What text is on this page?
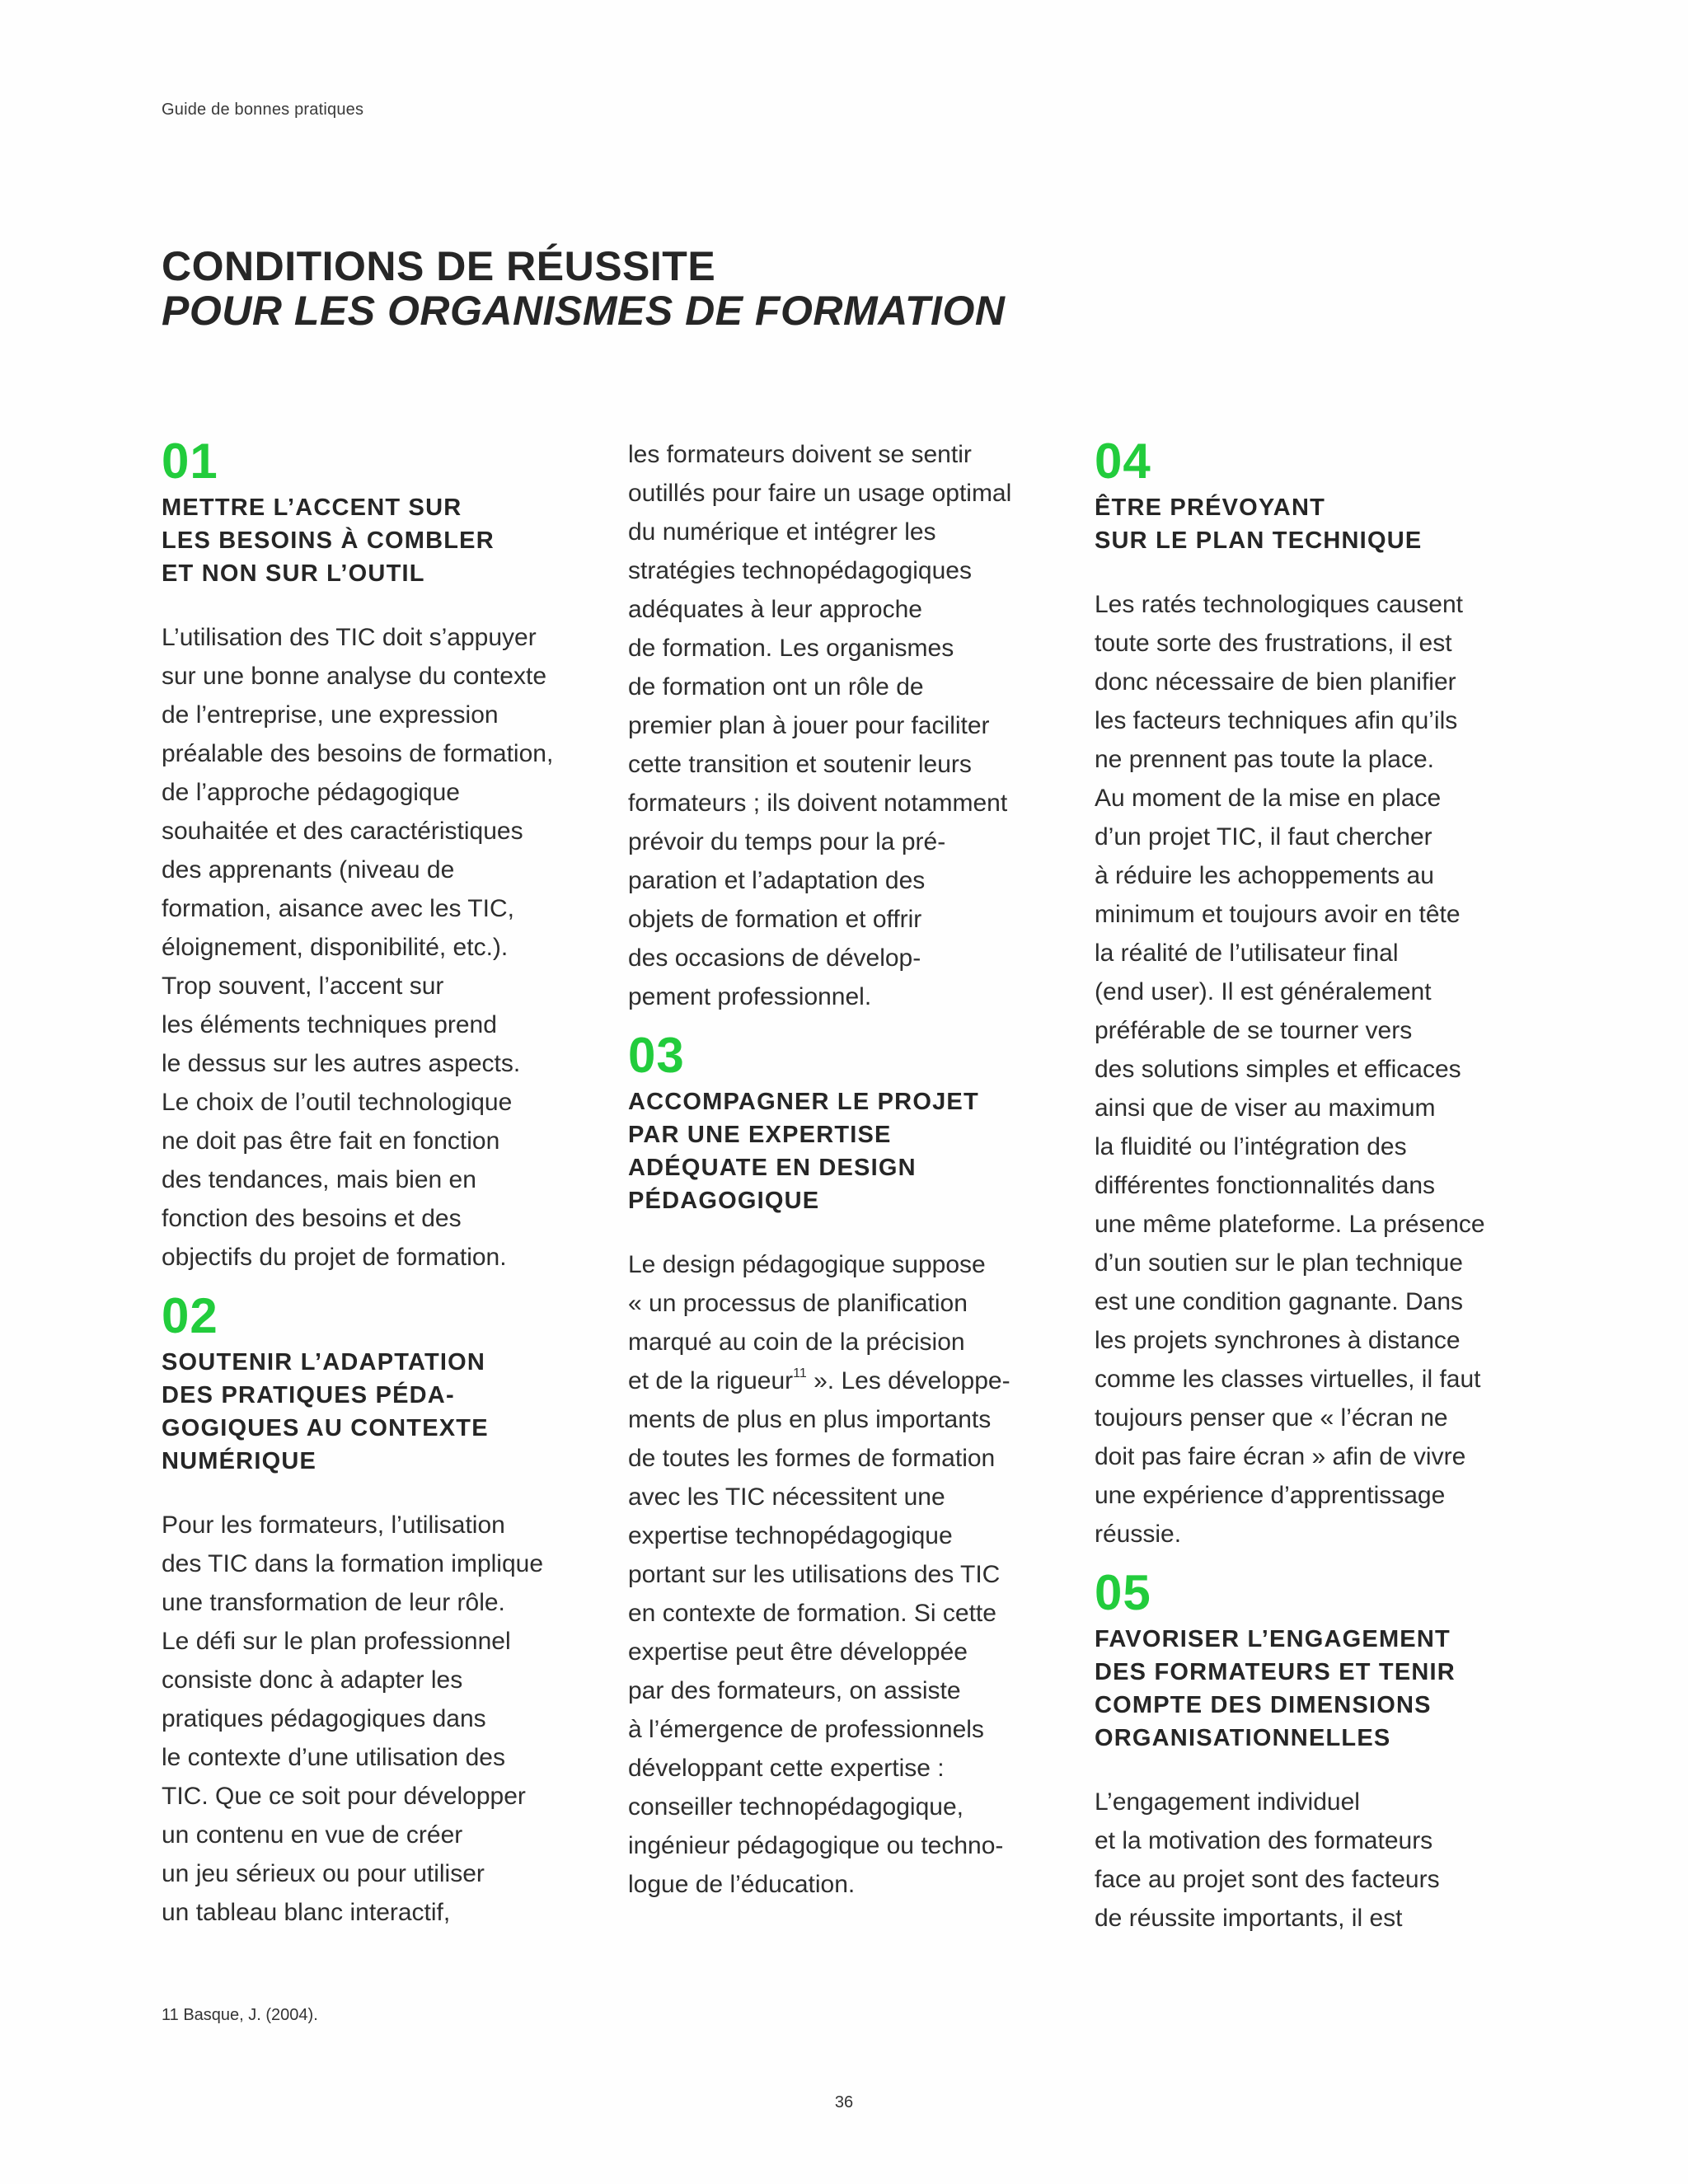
Guide de bonnes pratiques
CONDITIONS DE RÉUSSITE
POUR LES ORGANISMES DE FORMATION
01
METTRE L’ACCENT SUR
LES BESOINS À COMBLER
ET NON SUR L’OUTIL

L’utilisation des TIC doit s’appuyer
sur une bonne analyse du contexte
de l’entreprise, une expression
préalable des besoins de formation,
de l’approche pédagogique
souhaitée et des caractéristiques
des apprenants (niveau de
formation, aisance avec les TIC,
éloignement, disponibilité, etc.).
Trop souvent, l’accent sur
les éléments techniques prend
le dessus sur les autres aspects.
Le choix de l’outil technologique
ne doit pas être fait en fonction
des tendances, mais bien en
fonction des besoins et des
objectifs du projet de formation.

02
SOUTENIR L’ADAPTATION
DES PRATIQUES PÉDA-
GOGIQUES AU CONTEXTE
NUMÉRIQUE

Pour les formateurs, l’utilisation
des TIC dans la formation implique
une transformation de leur rôle.
Le défi sur le plan professionnel
consiste donc à adapter les
pratiques pédagogiques dans
le contexte d’une utilisation des
TIC. Que ce soit pour développer
un contenu en vue de créer
un jeu sérieux ou pour utiliser
un tableau blanc interactif,

les formateurs doivent se sentir
outillés pour faire un usage optimal
du numérique et intégrer les
stratégies technopédagogiques
adéquates à leur approche
de formation. Les organismes
de formation ont un rôle de
premier plan à jouer pour faciliter
cette transition et soutenir leurs
formateurs ; ils doivent notamment
prévoir du temps pour la pré-
paration et l’adaptation des
objets de formation et offrir
des occasions de dévelop-
pement professionnel.

03
ACCOMPAGNER LE PROJET
PAR UNE EXPERTISE
ADÉQUATE EN DESIGN
PÉDAGOGIQUE

Le design pédagogique suppose
« un processus de planification
marqué au coin de la précision
et de la rigueur$^{11}$ ». Les développe-
ments de plus en plus importants
de toutes les formes de formation
avec les TIC nécessitent une
expertise technopédagogique
portant sur les utilisations des TIC
en contexte de formation. Si cette
expertise peut être développée
par des formateurs, on assiste
à l’émergence de professionnels
développant cette expertise :
conseiller technopédagogique,
ingénieur pédagogique ou techno-
logue de l’éducation.

04
ÊTRE PRÉVOYANT
SUR LE PLAN TECHNIQUE

Les ratés technologiques causent
toute sorte des frustrations, il est
donc nécessaire de bien planifier
les facteurs techniques afin qu’ils
ne prennent pas toute la place.
Au moment de la mise en place
d’un projet TIC, il faut chercher
à réduire les achoppements au
minimum et toujours avoir en tête
la réalité de l’utilisateur final
(end user). Il est généralement
préférable de se tourner vers
des solutions simples et efficaces
ainsi que de viser au maximum
la fluidité ou l’intégration des
différentes fonctionnalités dans
une même plateforme. La présence
d’un soutien sur le plan technique
est une condition gagnante. Dans
les projets synchrones à distance
comme les classes virtuelles, il faut
toujours penser que « l’écran ne
doit pas faire écran » afin de vivre
une expérience d’apprentissage
réussie.

05
FAVORISER L’ENGAGEMENT
DES FORMATEURS ET TENIR
COMPTE DES DIMENSIONS
ORGANISATIONNELLES

L’engagement individuel
et la motivation des formateurs
face au projet sont des facteurs
de réussite importants, il est

11 Basque, J. (2004).
36
